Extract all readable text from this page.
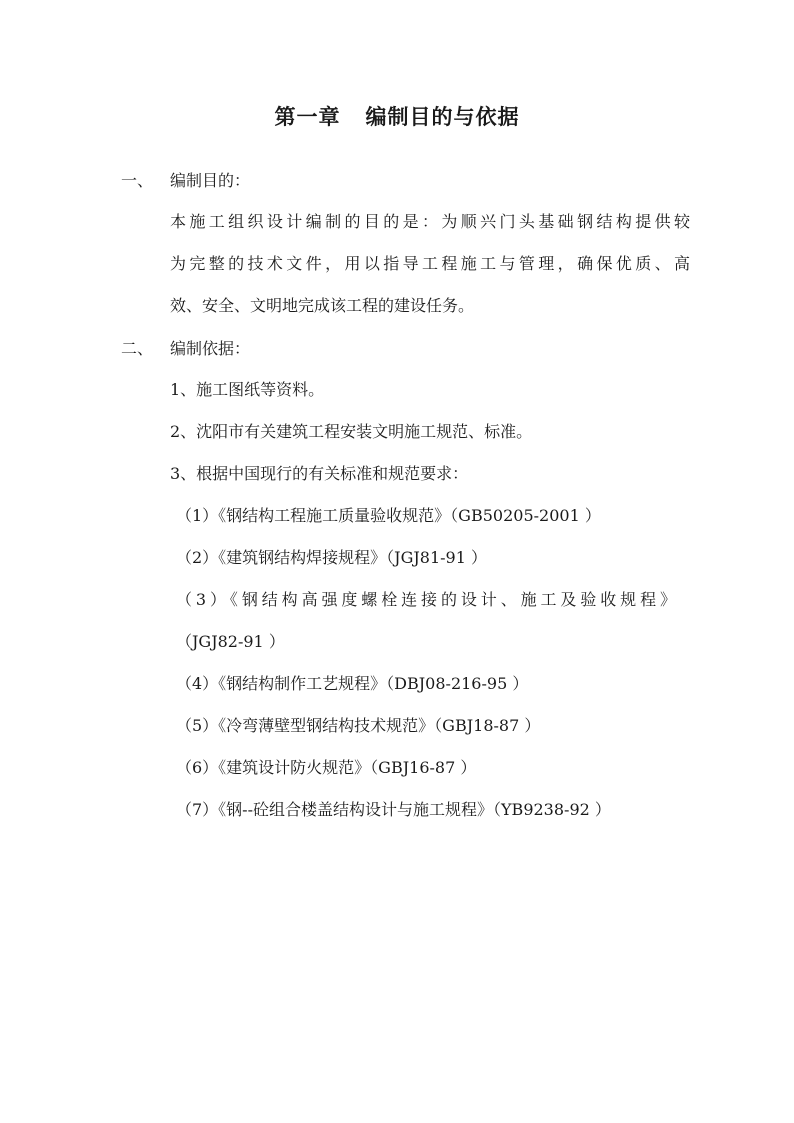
第一章   编制目的与依据
一、 编制目的：
本施工组织设计编制的目的是：为顺兴门头基础钢结构提供较
为完整的技术文件，用以指导工程施工与管理，确保优质、高
效、安全、文明地完成该工程的建设任务。
二、 编制依据：
1、施工图纸等资料。
2、沈阳市有关建筑工程安装文明施工规范、标准。
3、根据中国现行的有关标准和规范要求：
（1）《钢结构工程施工质量验收规范》（GB50205-2001 ）
（2）《建筑钢结构焊接规程》（JGJ81-91 ）
（3）《钢结构高强度螺栓连接的设计、施工及验收规程》
（JGJ82-91 ）
（4）《钢结构制作工艺规程》（DBJ08-216-95 ）
（5）《冷弯薄壁型钢结构技术规范》（GBJ18-87 ）
（6）《建筑设计防火规范》（GBJ16-87 ）
（7）《钢--砼组合楼盖结构设计与施工规程》（YB9238-92 ）
